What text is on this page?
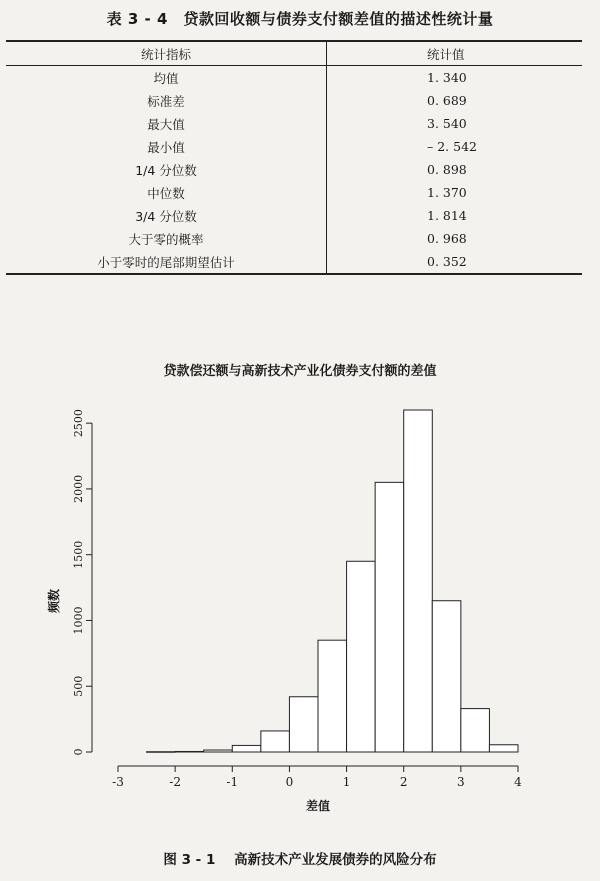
表 3 - 4　贷款回收额与债券支付额差值的描述性统计量
统计指标	统计值
均值	1. 340
标准差	0. 689
最大值	3. 540
最小值	– 2. 542
1/4 分位数	0. 898
中位数	1. 370
3/4 分位数	1. 814
大于零的概率	0. 968
小于零时的尾部期望估计	0. 352
贷款偿还额与高新技术产业化债券支付额的差值
-3	-2	-1	0	1	2	3	4
0
500
1000
1500
2000
2500
差值
频数
图 3 - 1 高新技术产业发展债券的风险分布
